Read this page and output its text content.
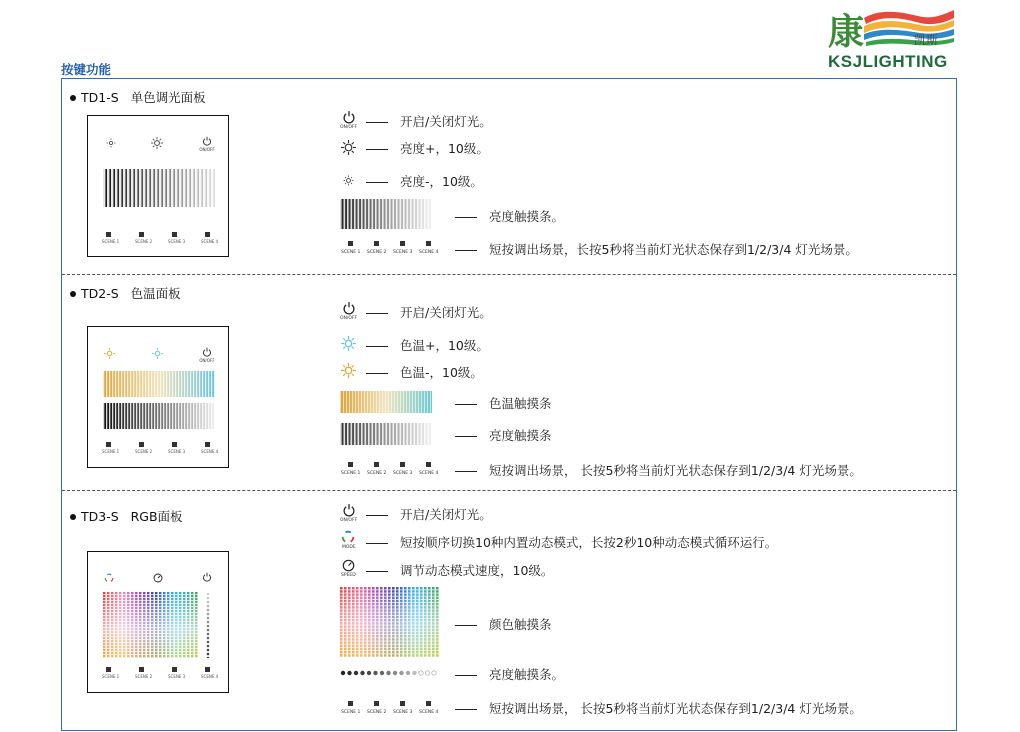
按键功能
康	凯斯
KSJLIGHTING
TD1-S   单色调光面板
ON/OFF
SCENE 1	SCENE 2	SCENE 3	SCENE 4
ON/OFF	开启/关闭灯光。
亮度+，10级。
亮度-，10级。
亮度触摸条。
SCENE 1 SCENE 2 SCENE 3 SCENE 4	短按调出场景，长按5秒将当前灯光状态保存到1/2/3/4 灯光场景。
TD2-S   色温面板
ON/OFF
SCENE 1	SCENE 2	SCENE 3	SCENE 4
ON/OFF	开启/关闭灯光。
色温+，10级。
色温-，10级。
色温触摸条
亮度触摸条
SCENE 1 SCENE 2 SCENE 3 SCENE 4	短按调出场景， 长按5秒将当前灯光状态保存到1/2/3/4 灯光场景。
TD3-S   RGB面板
SCENE 1	SCENE 2	SCENE 3	SCENE 4
ON/OFF	开启/关闭灯光。
MODE	短按顺序切换10种内置动态模式，长按2秒10种动态模式循环运行。
SPEED	调节动态模式速度，10级。
颜色触摸条
亮度触摸条。
SCENE 1 SCENE 2 SCENE 3 SCENE 4	短按调出场景， 长按5秒将当前灯光状态保存到1/2/3/4 灯光场景。
